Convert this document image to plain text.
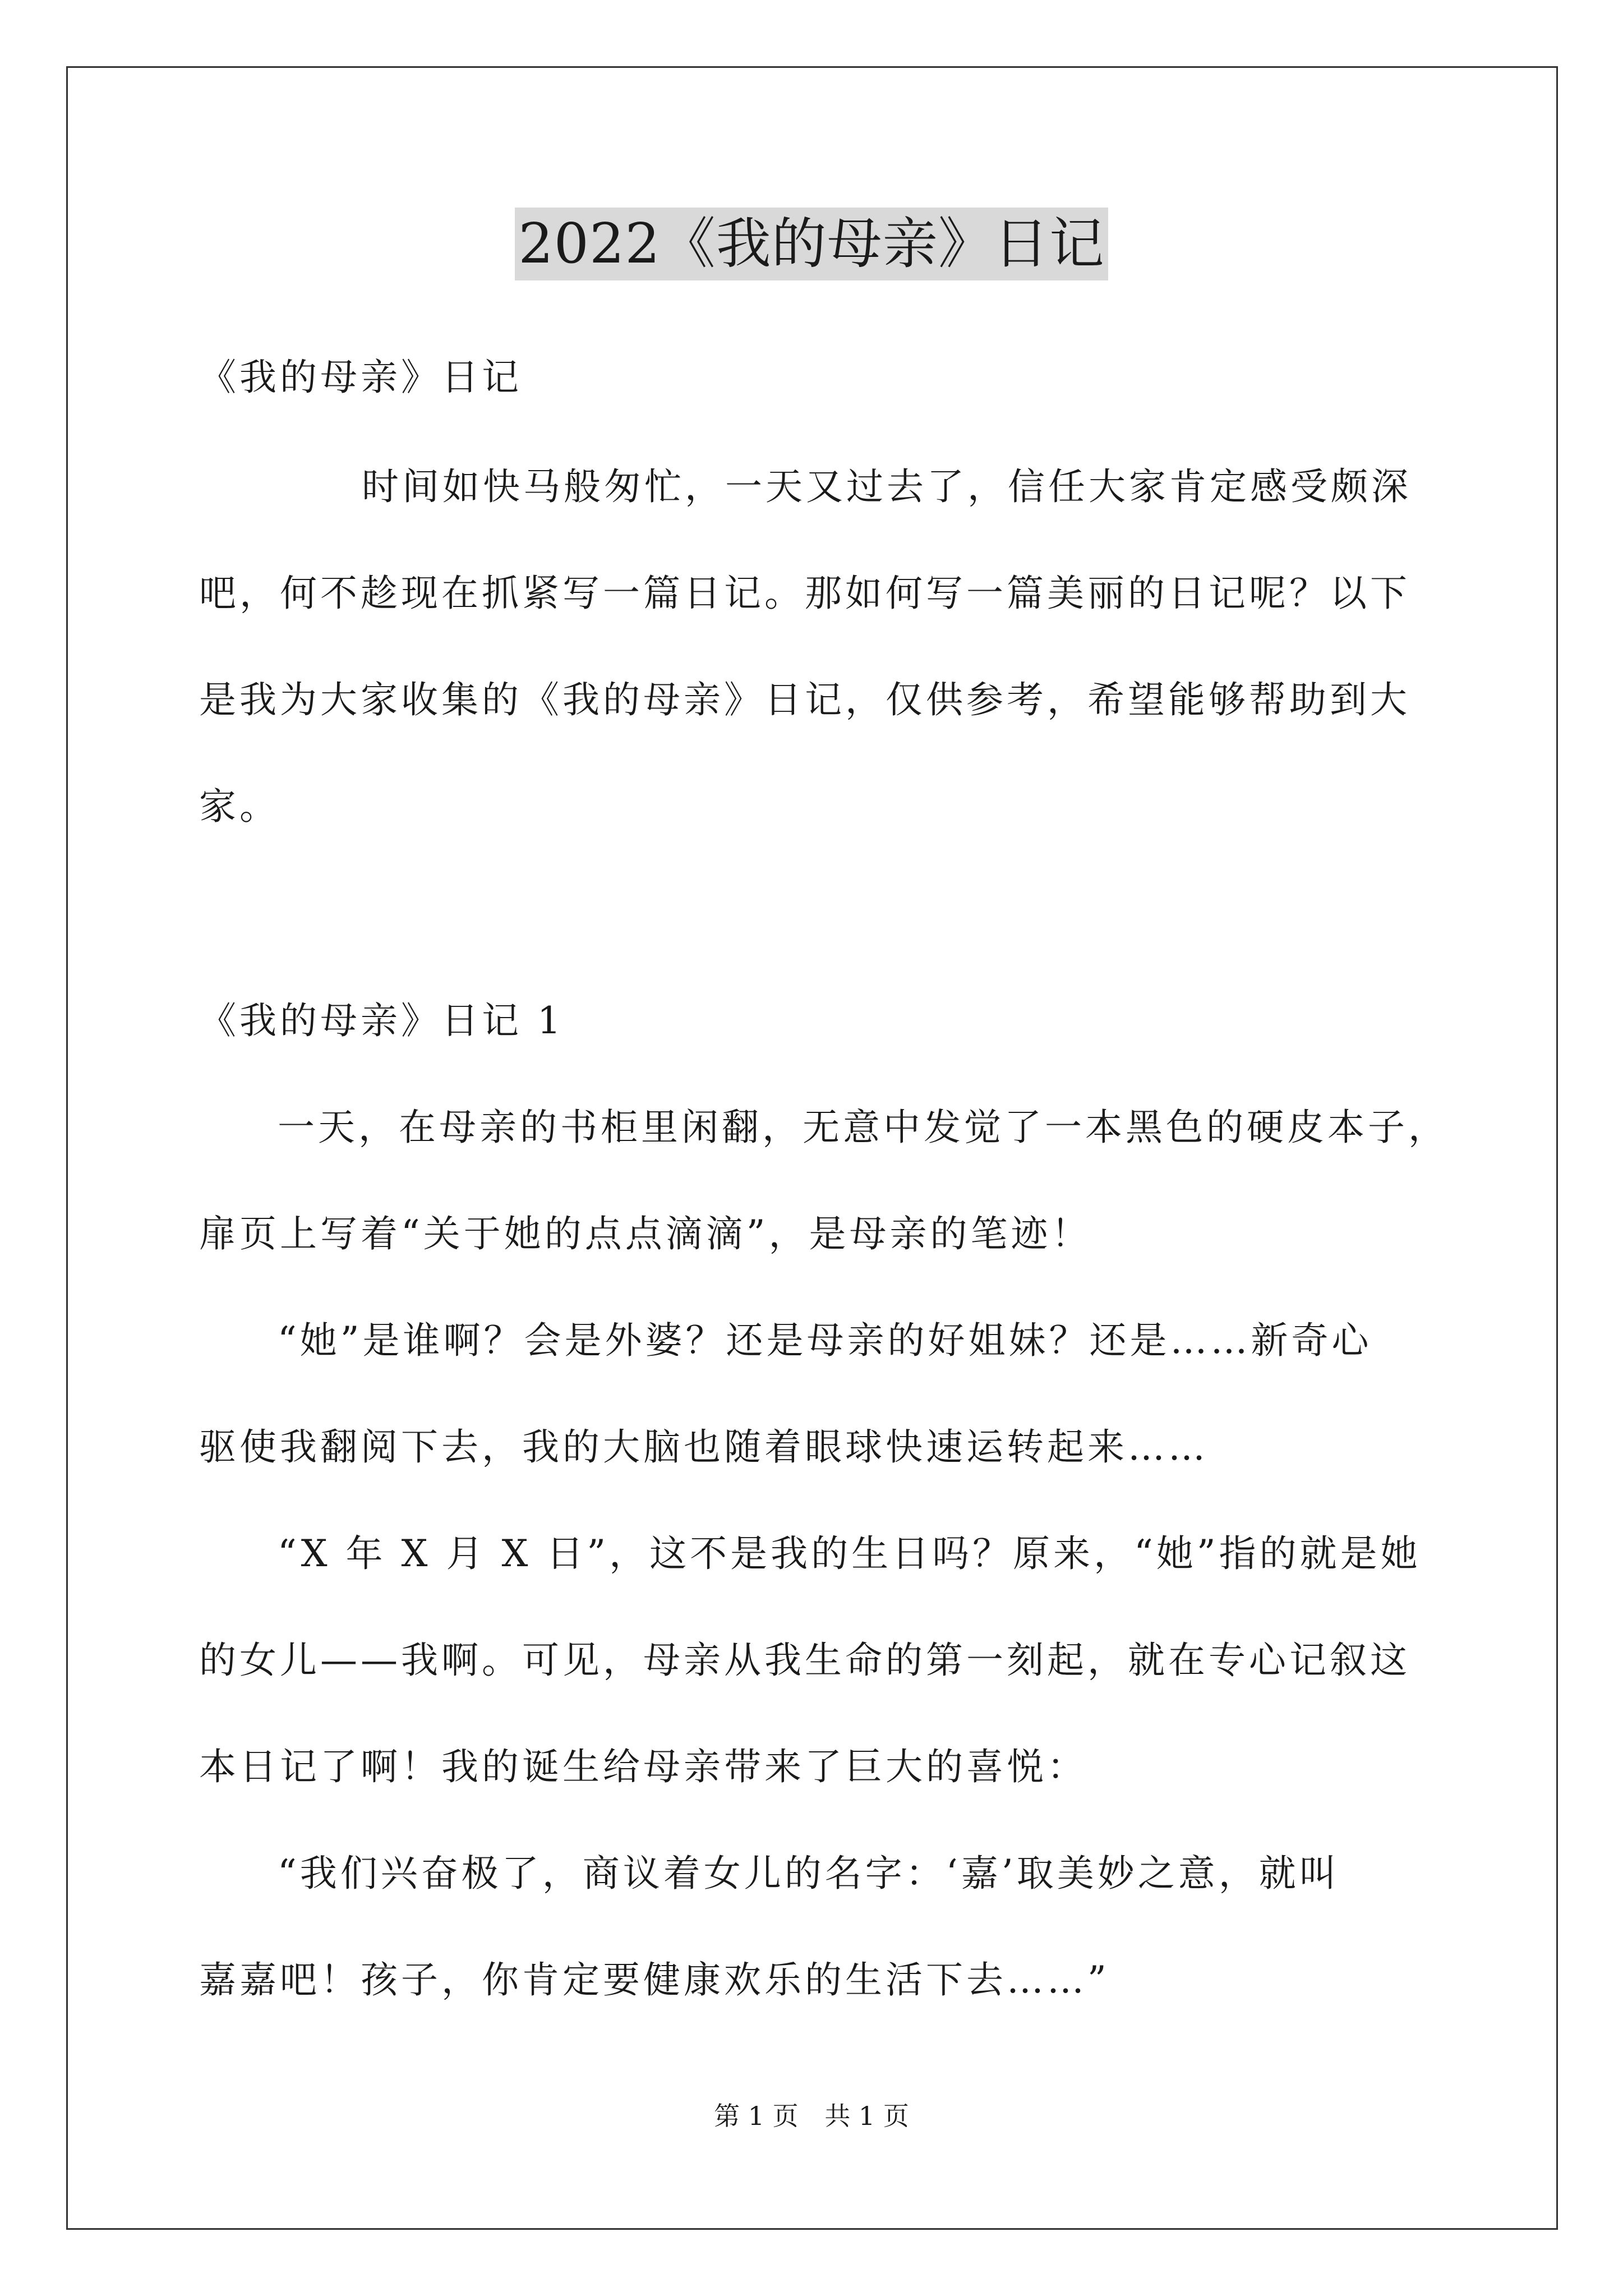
2022《我的母亲》日记
《我的母亲》日记
时间如快马般匆忙，一天又过去了，信任大家肯定感受颇深
吧，何不趁现在抓紧写一篇日记。那如何写一篇美丽的日记呢？以下
是我为大家收集的《我的母亲》日记，仅供参考，希望能够帮助到大
家。
《我的母亲》日记 1
一天，在母亲的书柜里闲翻，无意中发觉了一本黑色的硬皮本子，
扉页上写着“关于她的点点滴滴”，是母亲的笔迹！
“她”是谁啊？会是外婆？还是母亲的好姐妹？还是……新奇心
驱使我翻阅下去，我的大脑也随着眼球快速运转起来……
“X 年 X 月 X 日”，这不是我的生日吗？原来，“她”指的就是她
的女儿——我啊。可见，母亲从我生命的第一刻起，就在专心记叙这
本日记了啊！我的诞生给母亲带来了巨大的喜悦：
“我们兴奋极了，商议着女儿的名字：‘嘉’取美妙之意，就叫
嘉嘉吧！孩子，你肯定要健康欢乐的生活下去……”
第 1 页 共 1 页
